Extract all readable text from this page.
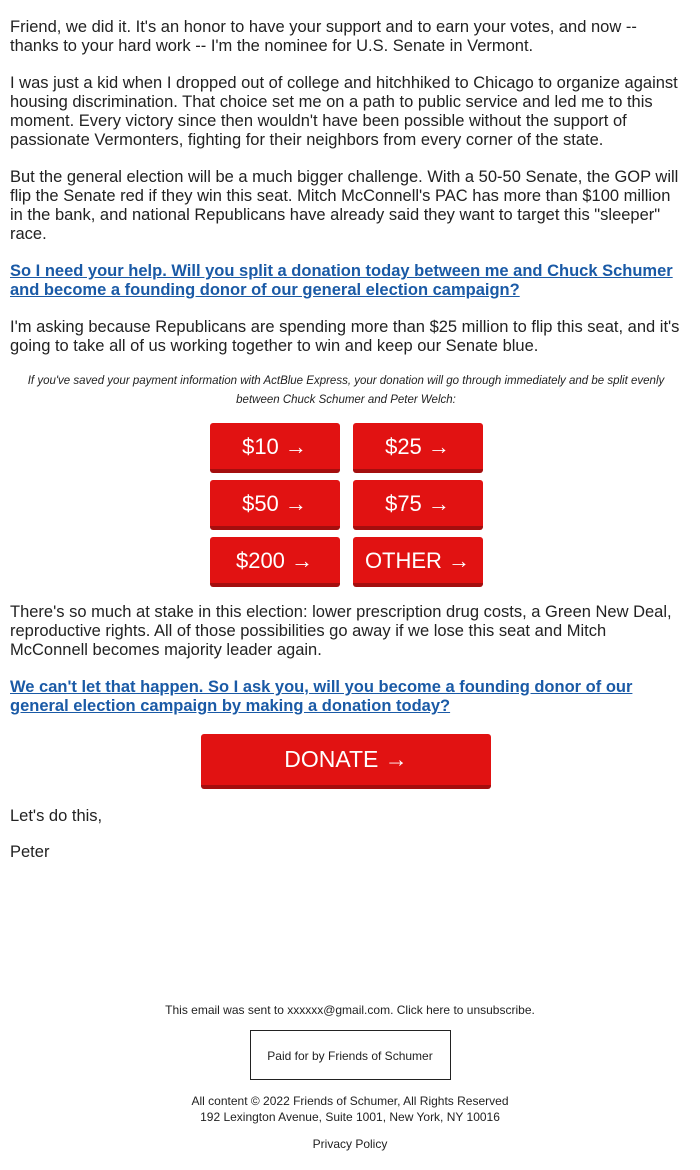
Friend, we did it. It's an honor to have your support and to earn your votes, and now -- thanks to your hard work -- I'm the nominee for U.S. Senate in Vermont.

I was just a kid when I dropped out of college and hitchhiked to Chicago to organize against housing discrimination. That choice set me on a path to public service and led me to this moment. Every victory since then wouldn't have been possible without the support of passionate Vermonters, fighting for their neighbors from every corner of the state.

But the general election will be a much bigger challenge. With a 50-50 Senate, the GOP will flip the Senate red if they win this seat. Mitch McConnell's PAC has more than $100 million in the bank, and national Republicans have already said they want to target this "sleeper" race.

So I need your help. Will you split a donation today between me and Chuck Schumer and become a founding donor of our general election campaign?

I'm asking because Republicans are spending more than $25 million to flip this seat, and it's going to take all of us working together to win and keep our Senate blue.

If you've saved your payment information with ActBlue Express, your donation will go through immediately and be split evenly between Chuck Schumer and Peter Welch:

$10 →	$25 →
$50 →	$75 →
$200 →	OTHER →

There's so much at stake in this election: lower prescription drug costs, a Green New Deal, reproductive rights. All of those possibilities go away if we lose this seat and Mitch McConnell becomes majority leader again.

We can't let that happen. So I ask you, will you become a founding donor of our general election campaign by making a donation today?
DONATE →

Let's do this,

Peter

This email was sent to xxxxxx@gmail.com. Click here to unsubscribe.

Paid for by Friends of Schumer

All content © 2022 Friends of Schumer, All Rights Reserved

192 Lexington Avenue, Suite 1001, New York, NY 10016

Privacy Policy
